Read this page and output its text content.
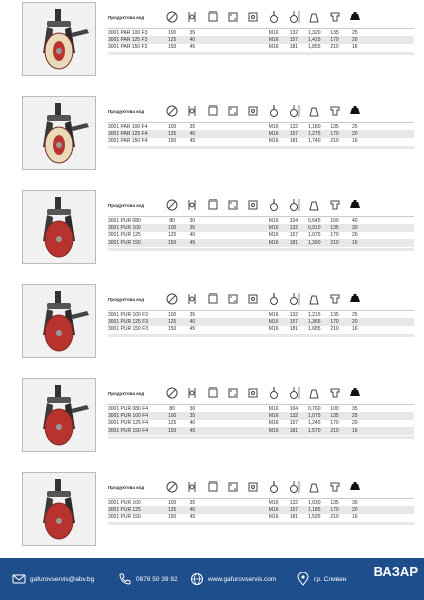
Продуктова код
3001 PAR 100 F3	100	35	M16	132	1,320	135	25
3001 PAR 125 F3	125	40	M16	157	1,415	170	20
3001 PAR 150 F3	150	45	M16	181	1,855	210	16
Продуктова код
3001 PAR 100 F4	100	35	M16	132	1,180	135	25
3001 PAR 125 F4	125	40	M16	157	1,275	170	20
3001 PAR 150 F4	150	45	M16	181	1,740	210	16
Продуктова код
3001 PUR 080	80	30	M16	104	0,645	100	40
3001 PUR 100	100	35	M16	132	0,910	135	30
3001 PUR 125	125	40	M16	157	1,075	170	20
3001 PUR 150	150	45	M16	181	1,390	210	16
Продуктова код
3001 PUR 100 F3	100	35	M16	132	1,215	135	25
3001 PUR 125 F3	125	40	M16	157	1,365	170	20
3001 PUR 150 F3	150	45	M16	181	1,685	210	16
Продуктова код
3001 PUR 080 F4	80	30	M16	104	0,760	100	35
3001 PUR 100 F4	100	35	M16	132	1,075	135	25
3001 PUR 125 F4	125	40	M16	157	1,245	170	20
3001 PUR 150 F4	150	45	M16	181	1,570	210	16
Продуктова код
3001 PUR 100	100	35	M16	132	1,030	135	30
3001 PUR 125	125	40	M16	157	1,185	170	20
3001 PUR 150	150	45	M16	181	1,595	210	16
gafurovservis@abv.bg	0878 50 39 82	www.gafurovservis.com	гр. Сливен ВАЗАР
